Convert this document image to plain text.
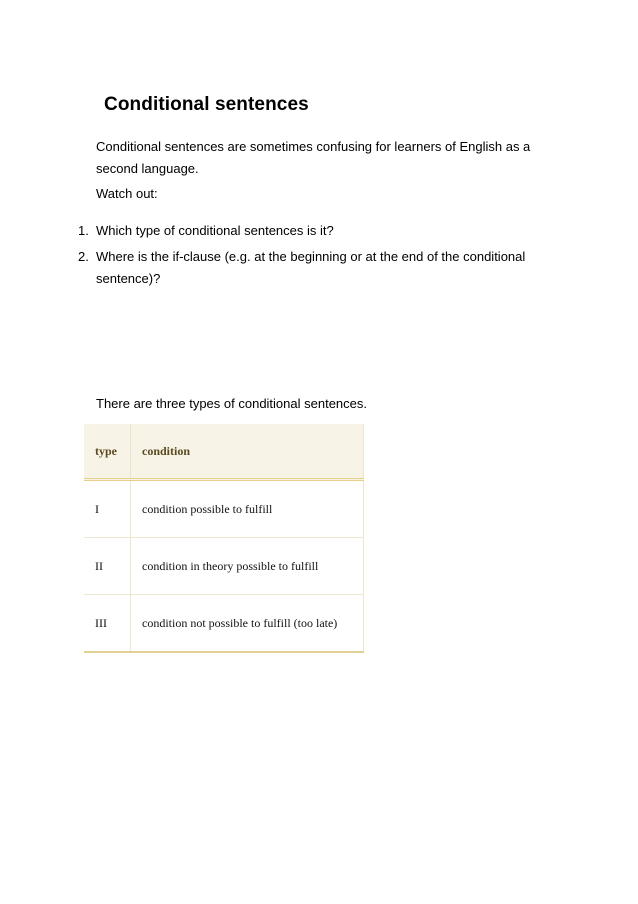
Conditional sentences
Conditional sentences are sometimes confusing for learners of English as a second language.
Watch out:
1. Which type of conditional sentences is it?
2. Where is the if-clause (e.g. at the beginning or at the end of the conditional sentence)?
There are three types of conditional sentences.
type	condition
I	condition possible to fulfill
II	condition in theory possible to fulfill
III	condition not possible to fulfill (too late)
